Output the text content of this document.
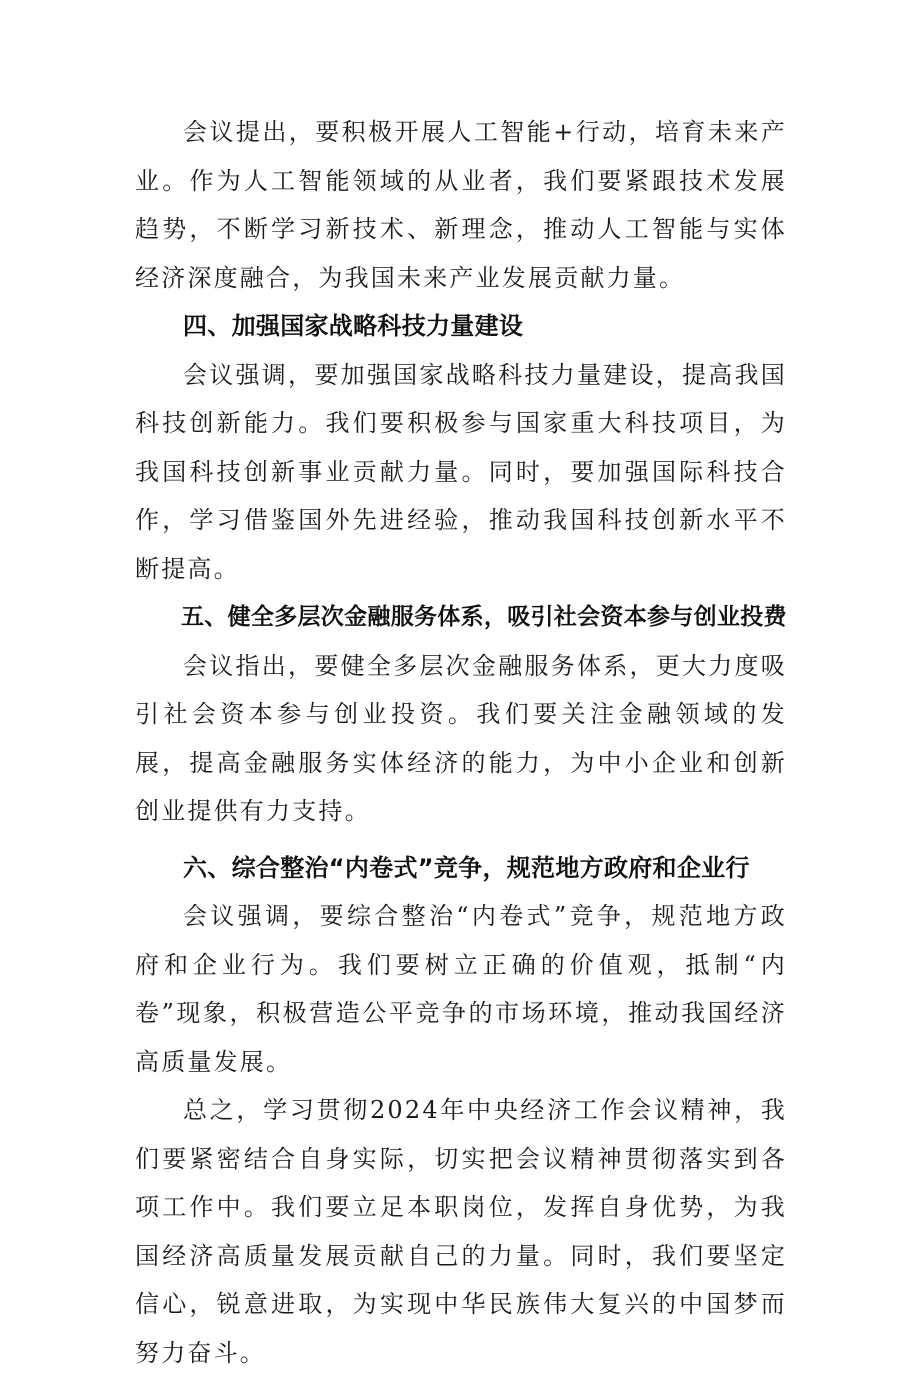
会议提出，要积极开展人工智能+行动，培育未来产业。作为人工智能领域的从业者，我们要紧跟技术发展趋势，不断学习新技术、新理念，推动人工智能与实体经济深度融合，为我国未来产业发展贡献力量。

四、加强国家战略科技力量建设

会议强调，要加强国家战略科技力量建设，提高我国科技创新能力。我们要积极参与国家重大科技项目，为我国科技创新事业贡献力量。同时，要加强国际科技合作，学习借鉴国外先进经验，推动我国科技创新水平不断提高。

五、健全多层次金融服务体系，吸引社会资本参与创业投费

会议指出，要健全多层次金融服务体系，更大力度吸引社会资本参与创业投资。我们要关注金融领域的发展，提高金融服务实体经济的能力，为中小企业和创新创业提供有力支持。

六、综合整治“内卷式”竞争，规范地方政府和企业行

会议强调，要综合整治“内卷式”竞争，规范地方政府和企业行为。我们要树立正确的价值观，抵制“内卷”现象，积极营造公平竞争的市场环境，推动我国经济高质量发展。

总之，学习贯彻2024年中央经济工作会议精神，我们要紧密结合自身实际，切实把会议精神贯彻落实到各项工作中。我们要立足本职岗位，发挥自身优势，为我国经济高质量发展贡献自己的力量。同时，我们要坚定信心，锐意进取，为实现中华民族伟大复兴的中国梦而努力奋斗。
